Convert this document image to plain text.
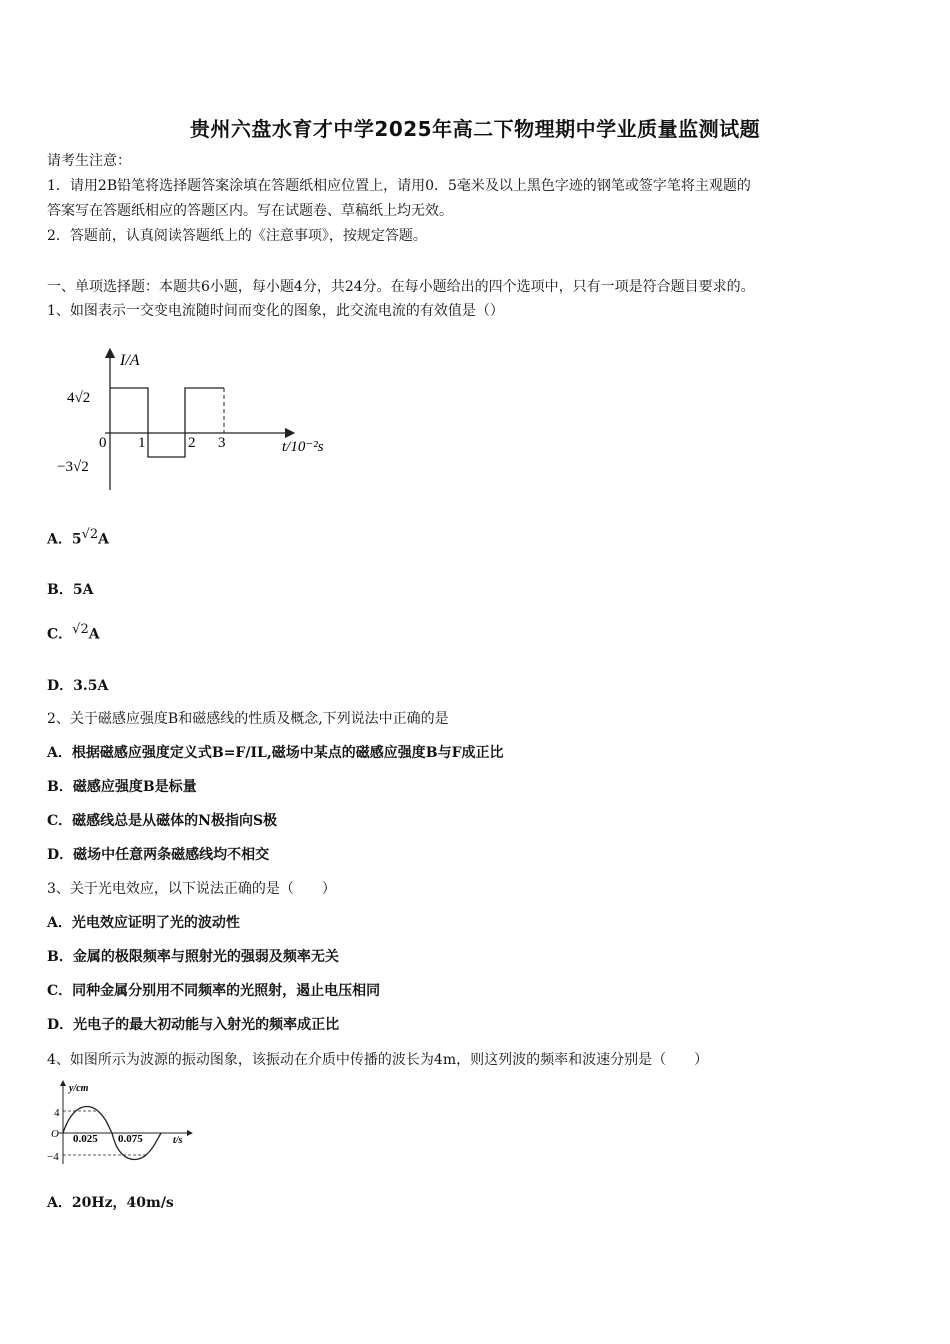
贵州六盘水育才中学2025年高二下物理期中学业质量监测试题
请考生注意：
1．请用2B铅笔将选择题答案涂填在答题纸相应位置上，请用0．5毫米及以上黑色字迹的钢笔或签字笔将主观题的
答案写在答题纸相应的答题区内。写在试题卷、草稿纸上均无效。
2．答题前，认真阅读答题纸上的《注意事项》，按规定答题。
一、单项选择题：本题共6小题，每小题4分，共24分。在每小题给出的四个选项中，只有一项是符合题目要求的。
1、如图表示一交变电流随时间而变化的图象，此交流电流的有效值是（）
I/A
4√2
−3√2
0 1	2 3	t/10⁻²s
A．$5^{√2}A$
B．5A
C．$^{√2}$A
D．3.5A
2、关于磁感应强度B和磁感线的性质及概念,下列说法中正确的是
A．根据磁感应强度定义式B=F/IL,磁场中某点的磁感应强度B与F成正比
B．磁感应强度B是标量
C．磁感线总是从磁体的N极指向S极
D．磁场中任意两条磁感线均不相交
3、关于光电效应，以下说法正确的是（　　）
A．光电效应证明了光的波动性
B．金属的极限频率与照射光的强弱及频率无关
C．同种金属分别用不同频率的光照射，遏止电压相同
D．光电子的最大初动能与入射光的频率成正比
4、如图所示为波源的振动图象，该振动在介质中传播的波长为4m，则这列波的频率和波速分别是（　　）
y/cm
4
−4
O 0.025 0.075	t/s
A．20Hz，40m/s
